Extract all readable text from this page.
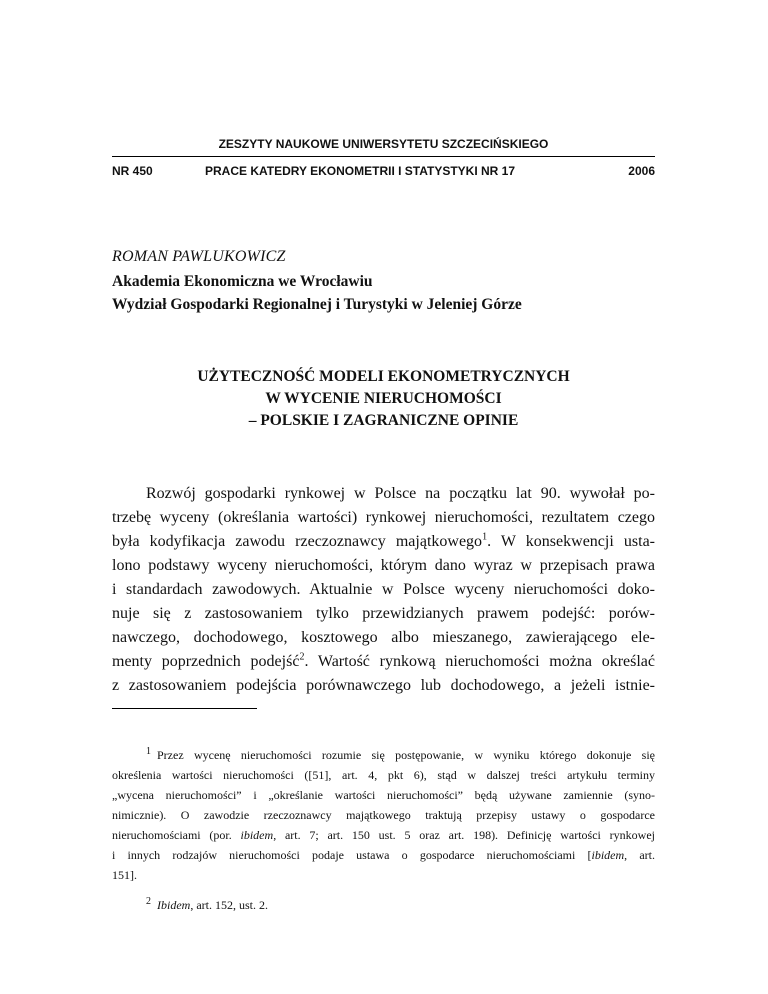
ZESZYTY NAUKOWE UNIWERSYTETU SZCZECIŃSKIEGO
NR 450	PRACE KATEDRY EKONOMETRII I STATYSTYKI NR 17	2006
ROMAN PAWLUKOWICZ
Akademia Ekonomiczna we Wrocławiu
Wydział Gospodarki Regionalnej i Turystyki w Jeleniej Górze
UŻYTECZNOŚĆ MODELI EKONOMETRYCZNYCH
W WYCENIE NIERUCHOMOŚCI
– POLSKIE I ZAGRANICZNE OPINIE
Rozwój gospodarki rynkowej w Polsce na początku lat 90. wywołał po-
trzebę wyceny (określania wartości) rynkowej nieruchomości, rezultatem czego
była kodyfikacja zawodu rzeczoznawcy majątkowego$^1$. W konsekwencji usta-
lono podstawy wyceny nieruchomości, którym dano wyraz w przepisach prawa
i standardach zawodowych. Aktualnie w Polsce wyceny nieruchomości doko-
nuje się z zastosowaniem tylko przewidzianych prawem podejść: porów-
nawczego, dochodowego, kosztowego albo mieszanego, zawierającego ele-
menty poprzednich podejść$^2$. Wartość rynkową nieruchomości można określać
z zastosowaniem podejścia porównawczego lub dochodowego, a jeżeli istnie-
$^1$ Przez wycenę nieruchomości rozumie się postępowanie, w wyniku którego dokonuje się
określenia wartości nieruchomości ([51], art. 4, pkt 6), stąd w dalszej treści artykułu terminy
„wycena nieruchomości” i „określanie wartości nieruchomości” będą używane zamiennie (syno-
nimicznie). O zawodzie rzeczoznawcy majątkowego traktują przepisy ustawy o gospodarce
nieruchomościami (por. ibidem, art. 7; art. 150 ust. 5 oraz art. 198). Definicję wartości rynkowej
i innych rodzajów nieruchomości podaje ustawa o gospodarce nieruchomościami [ibidem, art.
151].
$^2$ Ibidem, art. 152, ust. 2.
